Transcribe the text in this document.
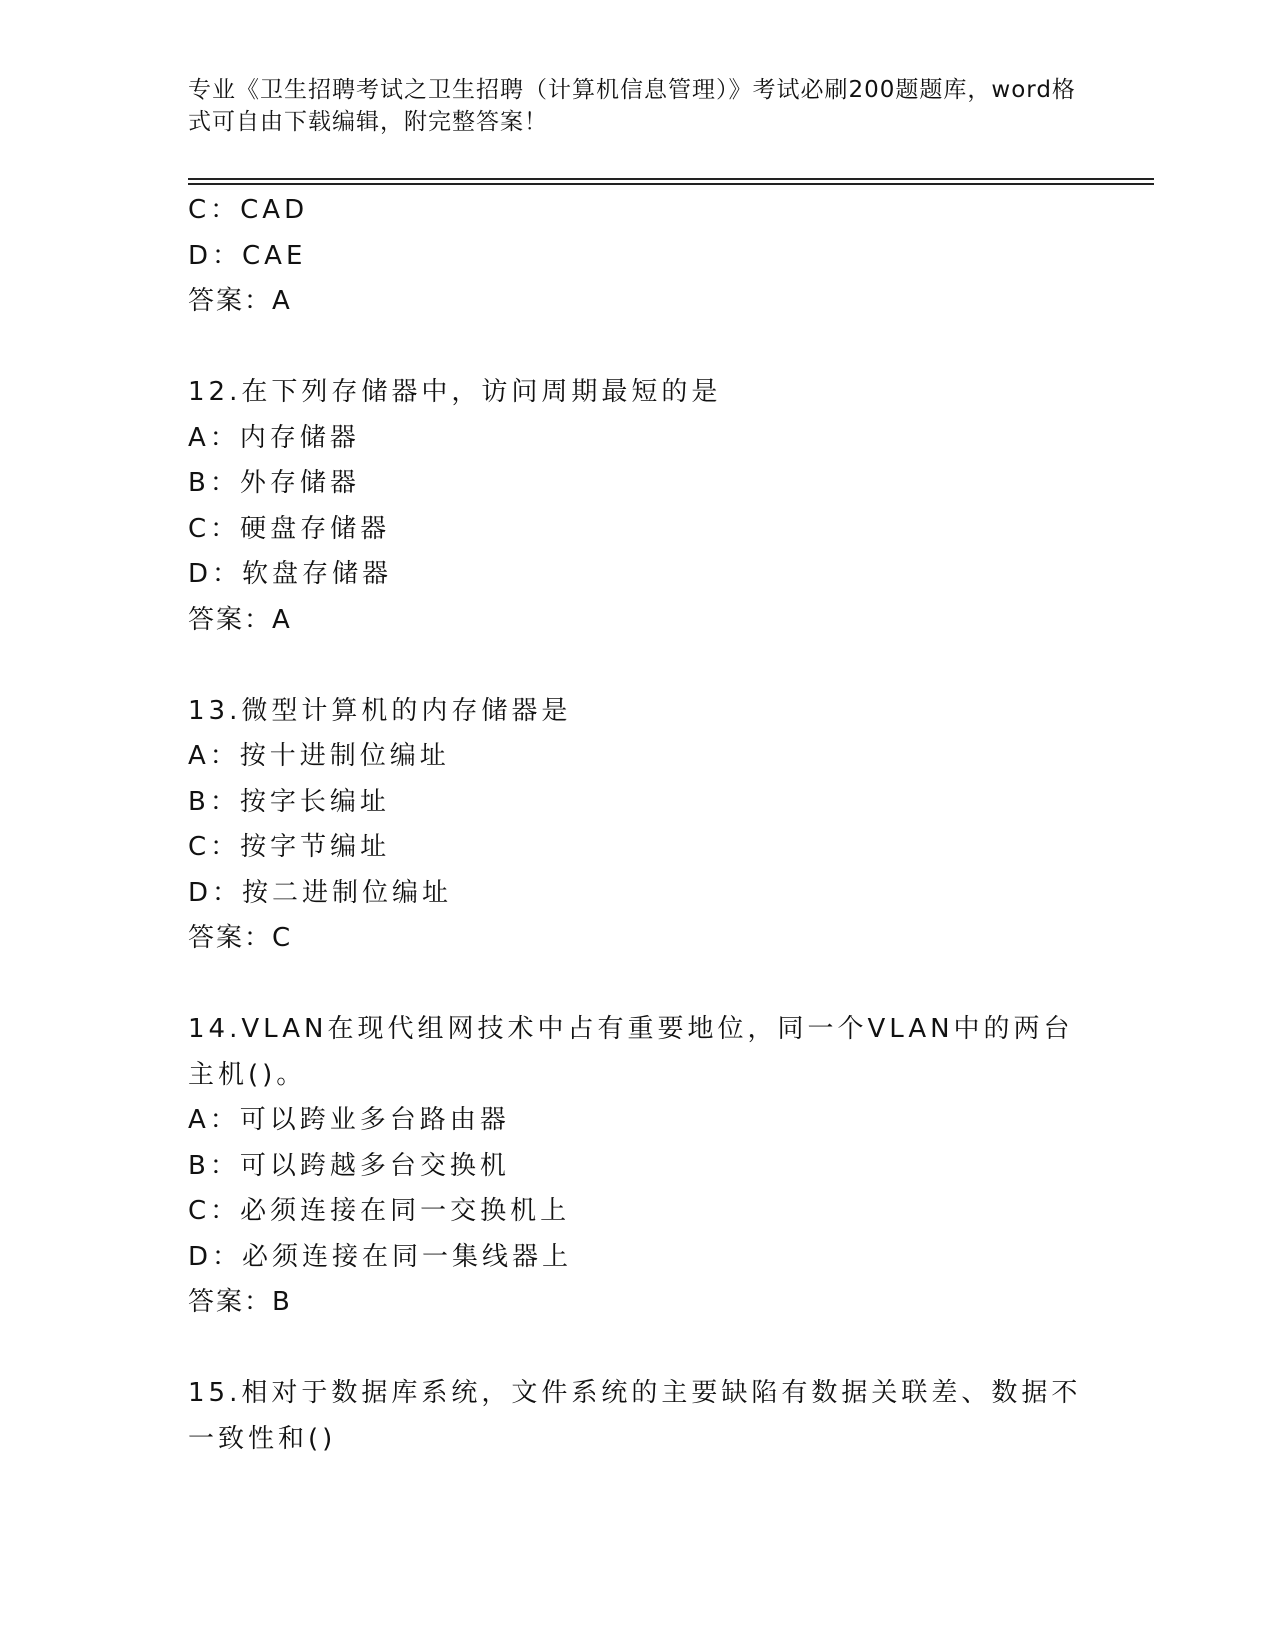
专业《卫生招聘考试之卫生招聘（计算机信息管理）》考试必刷200题题库，word格式可自由下载编辑，附完整答案！
C：CAD
D：CAE
答案：A
12.在下列存储器中，访问周期最短的是
A：内存储器
B：外存储器
C：硬盘存储器
D：软盘存储器
答案：A
13.微型计算机的内存储器是
A：按十进制位编址
B：按字长编址
C：按字节编址
D：按二进制位编址
答案：C
14.VLAN在现代组网技术中占有重要地位，同一个VLAN中的两台主机()。
A：可以跨业多台路由器
B：可以跨越多台交换机
C：必须连接在同一交换机上
D：必须连接在同一集线器上
答案：B
15.相对于数据库系统，文件系统的主要缺陷有数据关联差、数据不一致性和()
